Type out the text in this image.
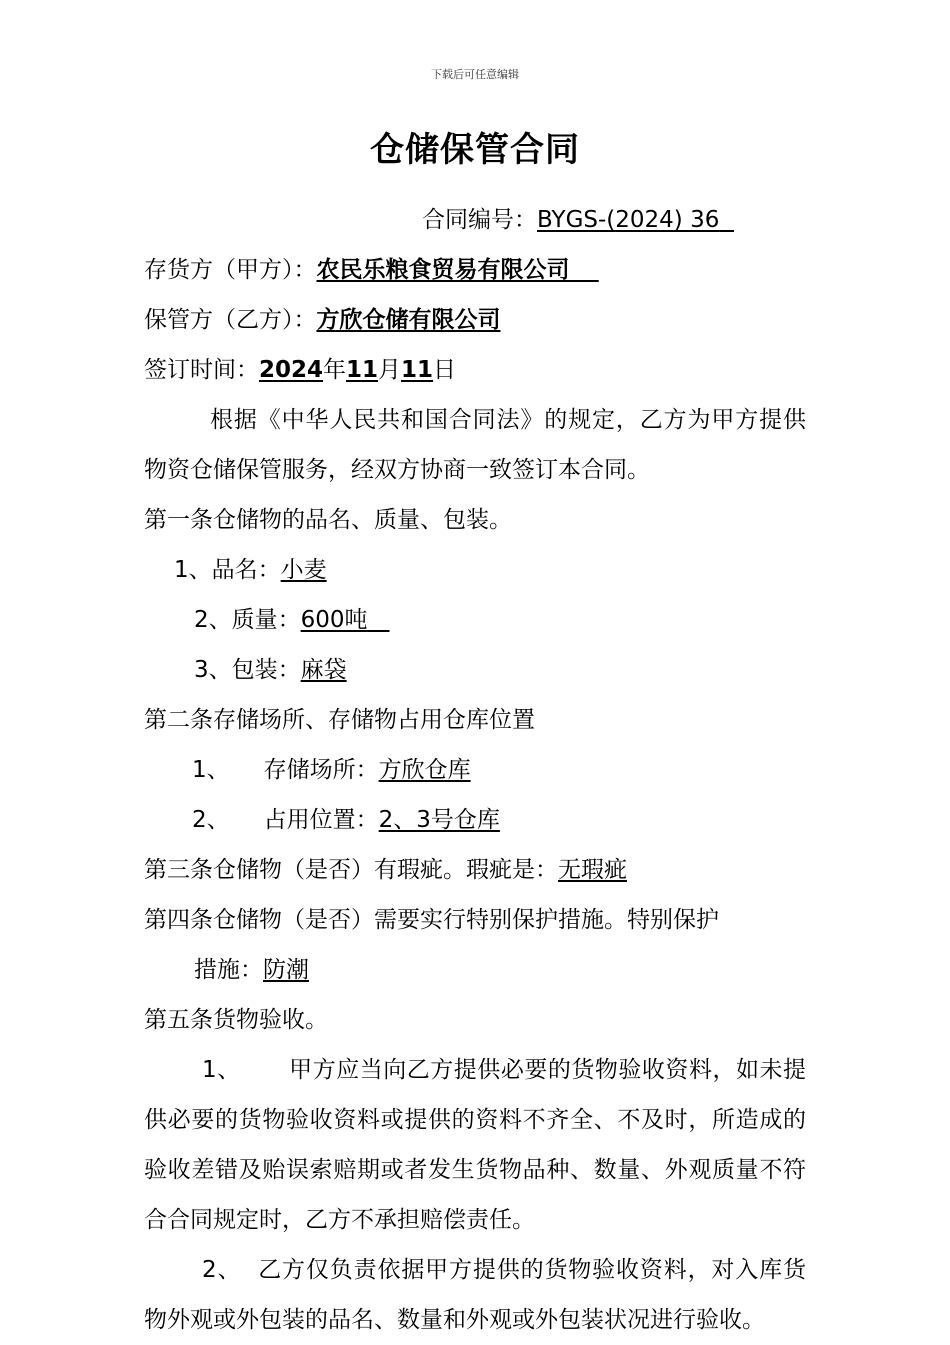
下载后可任意编辑
仓储保管合同
合同编号：BYGS-(2024) 36
存货方（甲方）：农民乐粮食贸易有限公司
保管方（乙方）：方欣仓储有限公司
签订时间：2024年11月11日
根据《中华人民共和国合同法》的规定，乙方为甲方提供物资仓储保管服务，经双方协商一致签订本合同。
第一条仓储物的品名、质量、包装。
1、品名：小麦
2、质量：600吨
3、包装：麻袋
第二条存储场所、存储物占用仓库位置
1、 存储场所：方欣仓库
2、 占用位置：2、3号仓库
第三条仓储物（是否）有瑕疵。瑕疵是：无瑕疵
第四条仓储物（是否）需要实行特别保护措施。特别保护
措施：防潮
第五条货物验收。
1、 甲方应当向乙方提供必要的货物验收资料，如未提供必要的货物验收资料或提供的资料不齐全、不及时，所造成的验收差错及贻误索赔期或者发生货物品种、数量、外观质量不符合合同规定时，乙方不承担赔偿责任。
2、 乙方仅负责依据甲方提供的货物验收资料，对入库货物外观或外包装的品名、数量和外观或外包装状况进行验收。
